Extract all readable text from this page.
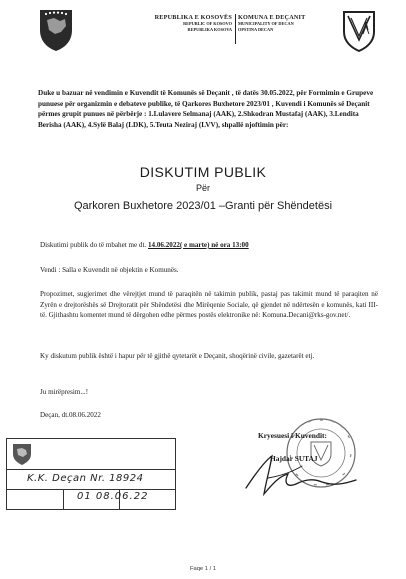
REPUBLIKA E KOSOVËS
REPUBLIC OF KOSOVO
REPUBLIKA KOSOVA
KOMUNA E DEÇANIT
MUNICIPALITY OF DECAN
OPSTINA DECAN
Duke u bazuar në vendimin e Kuvendit të Komunës së Deçanit , të datës 30.05.2022, për Formimin e Grupeve punuese për organizmin e debateve publike, të Qarkores Buxhetore 2023/01 , Kuvendi i Komunës së Deçanit përmes grupit punues në përbërje : 1.Lulavere Selmanaj (AAK), 2.Shkodran Mustafaj (AAK), 3.Lendita Berisha (AAK), 4.Sylë Balaj (LDK), 5.Teuta Neziraj (LVV), shpallë njoftimin për:
DISKUTIM PUBLIK
Për
Qarkoren Buxhetore 2023/01 –Granti për Shëndetësi
Diskutimi publik do të mbahet me dt. 14.06.2022( e marte) në ora 13:00
Vendi : Salla e Kuvendit në objektin e Komunës.
Propozimet, sugjerimet dhe vërejtjet mund të paraqitën në takimin publik, pastaj pas takimit mund të paraqiten në Zyrën e drejtorëshës së Drejtoratit për Shëndetësi dhe Mirëqenie Sociale, që gjendet në ndërtesën e komunës, kati III-të. Gjithashtu komentet mund të dërgohen edhe përmes postës elektronike në: Komuna.Decani@rks-gov.net/.
Ky diskutum publik është i hapur për të gjithë qytetarët e Deçanit, shoqërinë civile, gazetarët etj.
Ju mirëpresim...!
Deçan, dt.08.06.2022
Kryesuesi i Kuvendit:
Hajdar SUTAJ
K.K. Deçan Nr. 18924
01 08.06.22
Faqe 1 / 1
